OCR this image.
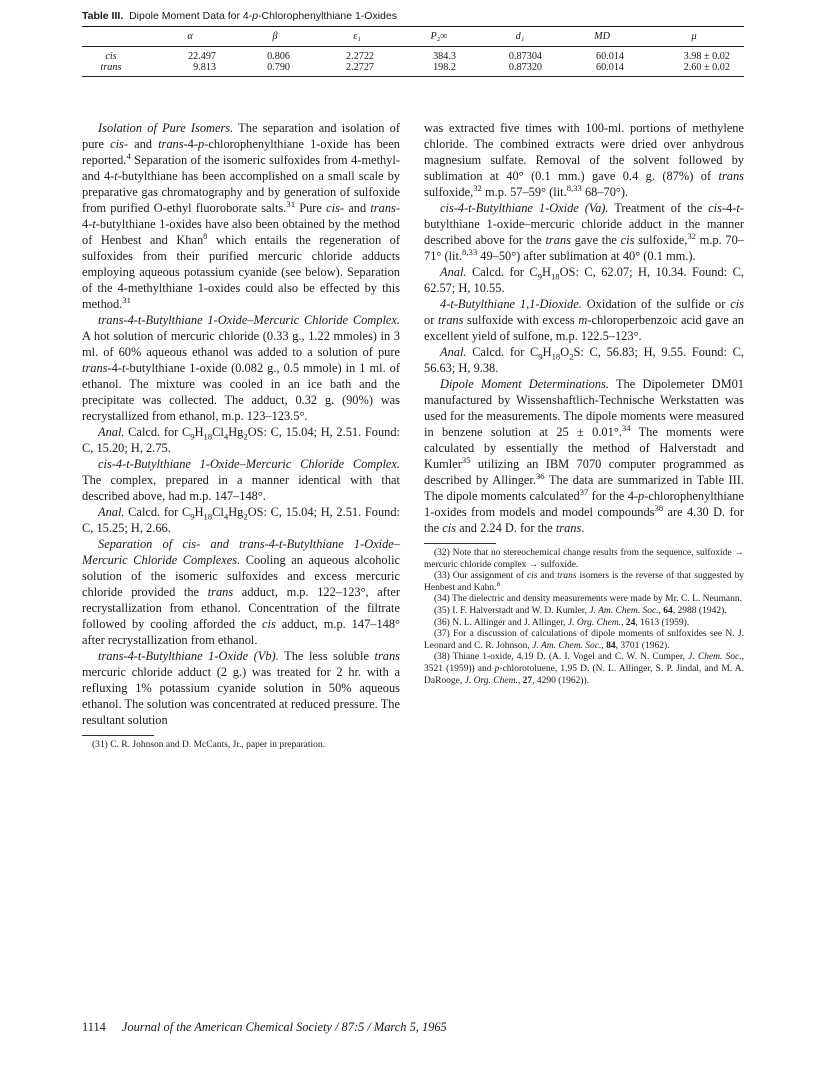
Table III. Dipole Moment Data for 4-p-Chlorophenylthiane 1-Oxides
	α	β	ε₁	P₂∞	d₁	MD	μ
cis	22.497	0.806	2.2722	384.3	0.87304	60.014	3.98 ± 0.02
trans	9.813	0.790	2.2727	198.2	0.87320	60.014	2.60 ± 0.02

Isolation of Pure Isomers. The separation and isolation of pure cis- and trans-4-p-chlorophenylthiane 1-oxide has been reported.$^4$ Separation of the isomeric sulfoxides from 4-methyl- and 4-t-butylthiane has been accomplished on a small scale by preparative gas chromatography and by generation of sulfoxide from purified O-ethyl fluoroborate salts.$^{31}$ Pure cis- and trans-4-t-butylthiane 1-oxides have also been obtained by the method of Henbest and Khan$^8$ which entails the regeneration of sulfoxides from their purified mercuric chloride adducts employing aqueous potassium cyanide (see below). Separation of the 4-methylthiane 1-oxides could also be effected by this method.$^{31}$

trans-4-t-Butylthiane 1-Oxide–Mercuric Chloride Complex. A hot solution of mercuric chloride (0.33 g., 1.22 mmoles) in 3 ml. of 60% aqueous ethanol was added to a solution of pure trans-4-t-butylthiane 1-oxide (0.082 g., 0.5 mmole) in 1 ml. of ethanol. The mixture was cooled in an ice bath and the precipitate was collected. The adduct, 0.32 g. (90%) was recrystallized from ethanol, m.p. 123–123.5°.

Anal. Calcd. for $C_9H_{18}Cl_4Hg_2OS$: C, 15.04; H, 2.51. Found: C, 15.20; H, 2.75.

cis-4-t-Butylthiane 1-Oxide–Mercuric Chloride Complex. The complex, prepared in a manner identical with that described above, had m.p. 147–148°.

Anal. Calcd. for $C_9H_{18}Cl_4Hg_2OS$: C, 15.04; H, 2.51. Found: C, 15.25; H, 2.66.

Separation of cis- and trans-4-t-Butylthiane 1-Oxide–Mercuric Chloride Complexes. Cooling an aqueous alcoholic solution of the isomeric sulfoxides and excess mercuric chloride provided the trans adduct, m.p. 122–123°, after recrystallization from ethanol. Concentration of the filtrate followed by cooling afforded the cis adduct, m.p. 147–148° after recrystallization from ethanol.

trans-4-t-Butylthiane 1-Oxide (Vb). The less soluble trans mercuric chloride adduct (2 g.) was treated for 2 hr. with a refluxing 1% potassium cyanide solution in 50% aqueous ethanol. The solution was concentrated at reduced pressure. The resultant solution

(31) C. R. Johnson and D. McCants, Jr., paper in preparation.

was extracted five times with 100-ml. portions of methylene chloride. The combined extracts were dried over anhydrous magnesium sulfate. Removal of the solvent followed by sublimation at 40° (0.1 mm.) gave 0.4 g. (87%) of trans sulfoxide,$^{32}$ m.p. 57–59° (lit.$^{8,33}$ 68–70°).

cis-4-t-Butylthiane 1-Oxide (Va). Treatment of the cis-4-t-butylthiane 1-oxide–mercuric chloride adduct in the manner described above for the trans gave the cis sulfoxide,$^{32}$ m.p. 70–71° (lit.$^{8,33}$ 49–50°) after sublimation at 40° (0.1 mm.).

Anal. Calcd. for $C_9H_{18}OS$: C, 62.07; H, 10.34. Found: C, 62.57; H, 10.55.

4-t-Butylthiane 1,1-Dioxide. Oxidation of the sulfide or cis or trans sulfoxide with excess m-chloroperbenzoic acid gave an excellent yield of sulfone, m.p. 122.5–123°.

Anal. Calcd. for $C_9H_{18}O_2S$: C, 56.83; H, 9.55. Found: C, 56.63; H, 9.38.

Dipole Moment Determinations. The Dipolemeter DM01 manufactured by Wissenshaftlich-Technische Werkstatten was used for the measurements. The dipole moments were measured in benzene solution at 25 ± 0.01°.$^{34}$ The moments were calculated by essentially the method of Halverstadt and Kumler$^{35}$ utilizing an IBM 7070 computer programmed as described by Allinger.$^{36}$ The data are summarized in Table III. The dipole moments calculated$^{37}$ for the 4-p-chlorophenylthiane 1-oxides from models and model compounds$^{38}$ are 4.30 D. for the cis and 2.24 D. for the trans.

(32) Note that no stereochemical change results from the sequence, sulfoxide → mercuric chloride complex → sulfoxide.

(33) Our assignment of cis and trans isomers is the reverse of that suggested by Henbest and Kahn.$^8$

(34) The dielectric and density measurements were made by Mr. C. L. Neumann.

(35) I. F. Halverstadt and W. D. Kumler, J. Am. Chem. Soc., 64, 2988 (1942).

(36) N. L. Allinger and J. Allinger, J. Org. Chem., 24, 1613 (1959).

(37) For a discussion of calculations of dipole moments of sulfoxides see N. J. Leonard and C. R. Johnson, J. Am. Chem. Soc., 84, 3701 (1962).

(38) Thiane 1-oxide, 4.19 D. (A. I. Vogel and C. W. N. Cumper, J. Chem. Soc., 3521 (1959)) and p-chlorotoluene, 1.95 D. (N. L. Allinger, S. P. Jindal, and M. A. DaRooge, J. Org. Chem., 27, 4290 (1962)).

1114 Journal of the American Chemical Society / 87:5 / March 5, 1965
